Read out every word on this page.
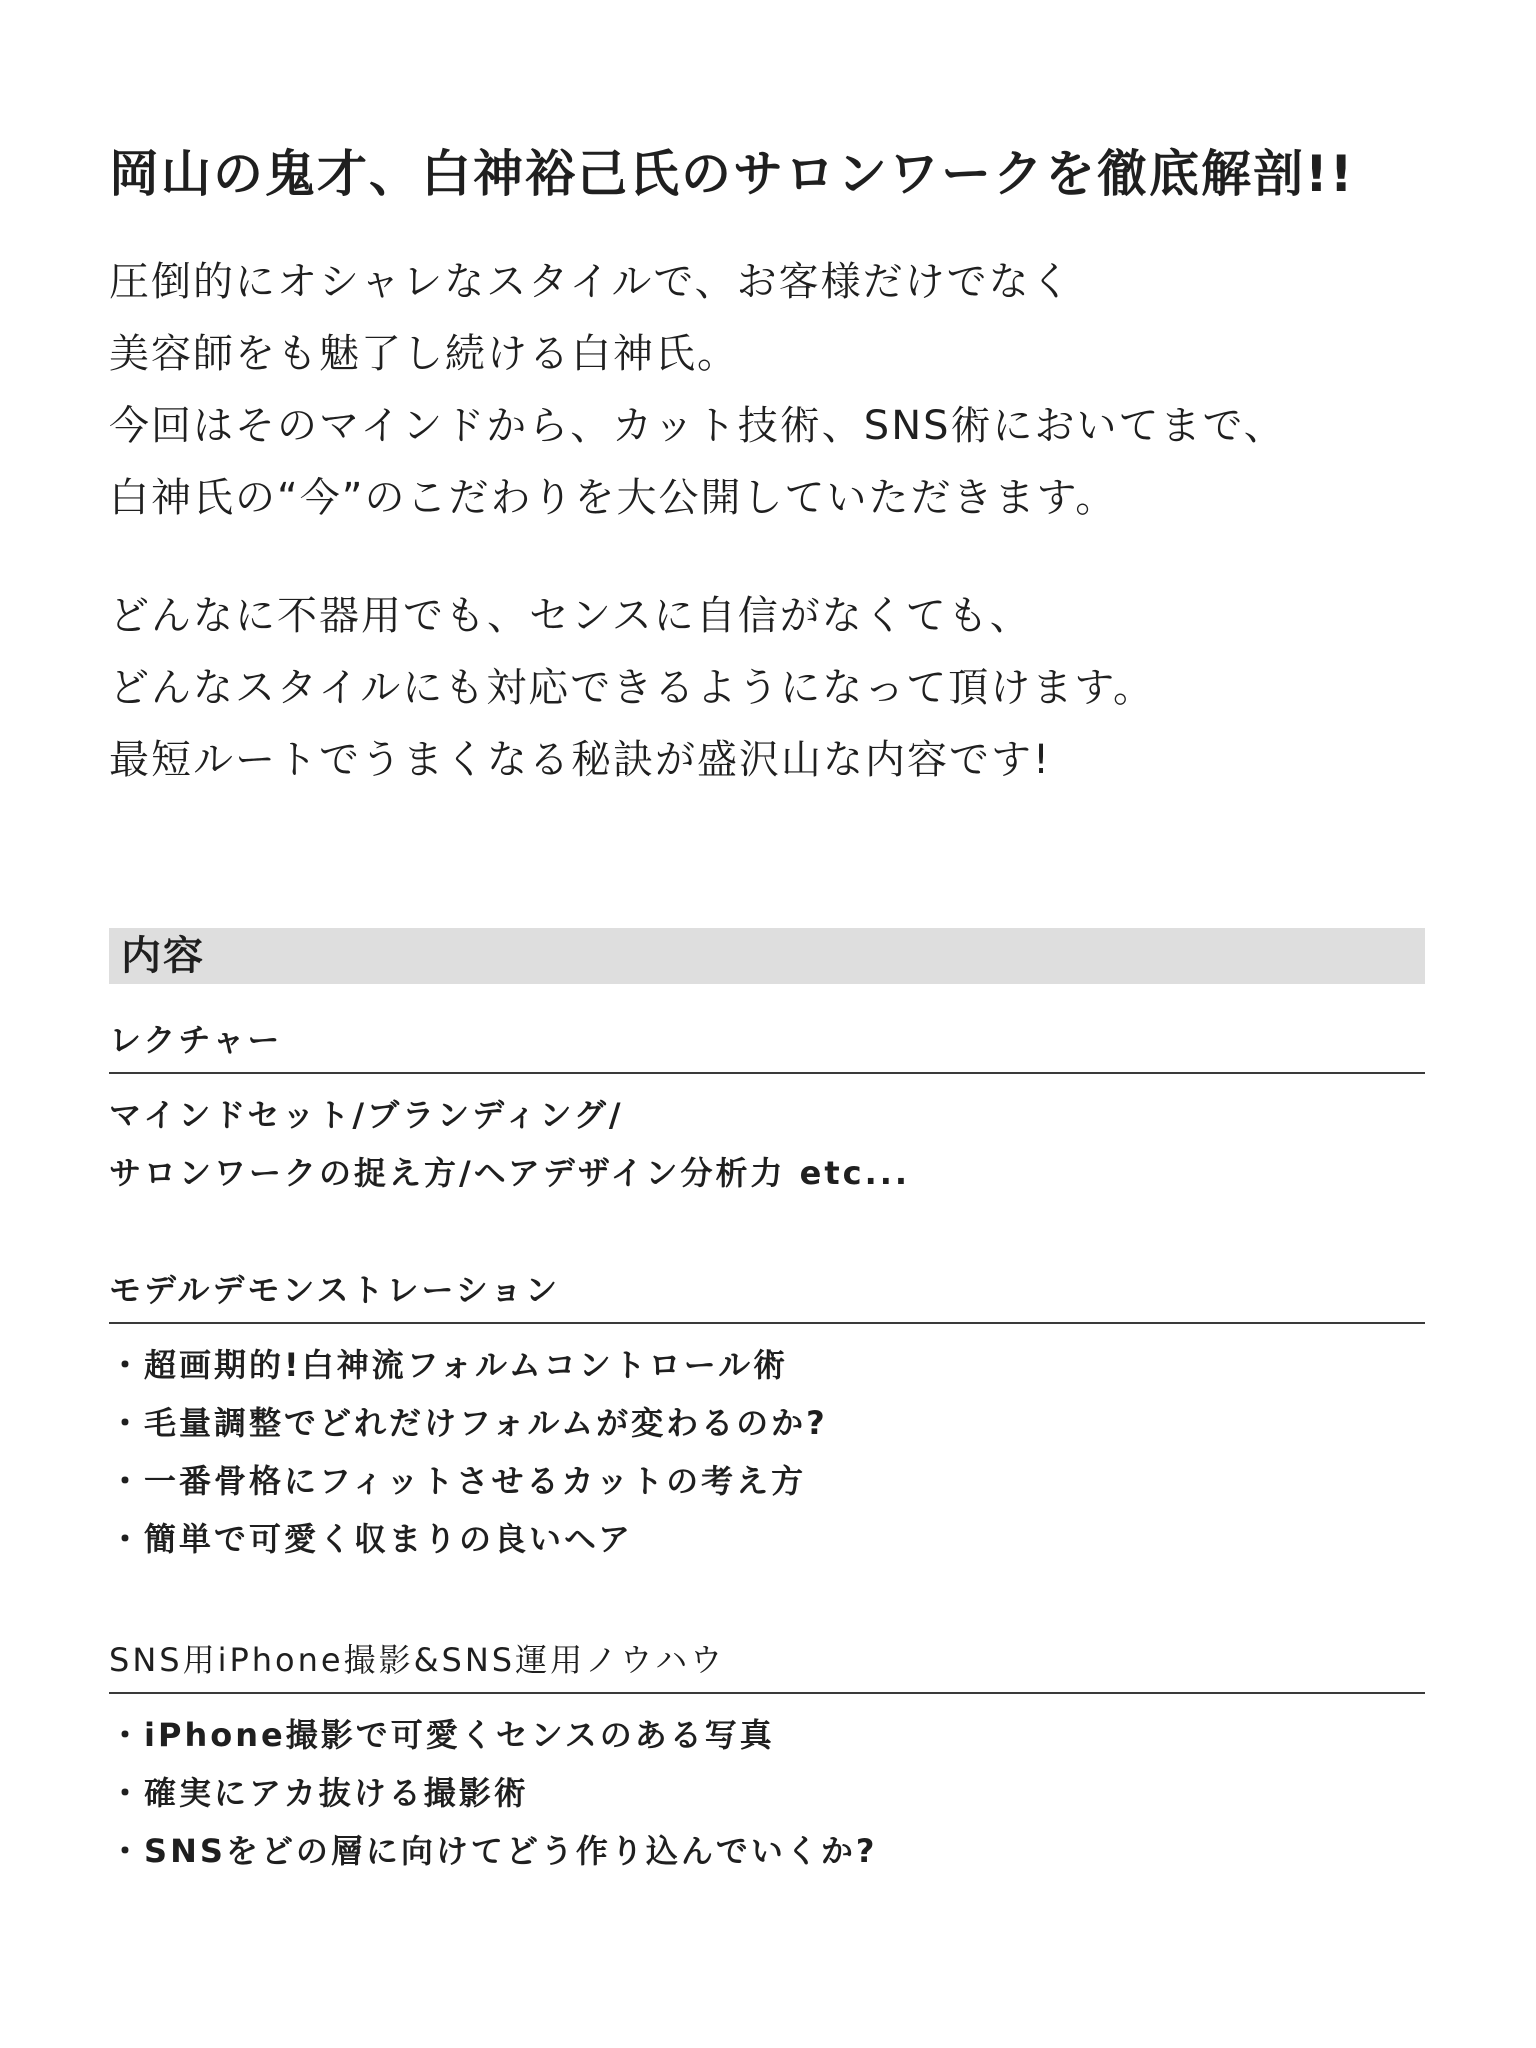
岡山の鬼才、白神裕己氏のサロンワークを徹底解剖!!

圧倒的にオシャレなスタイルで、お客様だけでなく
美容師をも魅了し続ける白神氏。
今回はそのマインドから、カット技術、SNS術においてまで、
白神氏の“今”のこだわりを大公開していただきます。

どんなに不器用でも、センスに自信がなくても、
どんなスタイルにも対応できるようになって頂けます。
最短ルートでうまくなる秘訣が盛沢山な内容です!

内容
レクチャー
マインドセット/ブランディング/
サロンワークの捉え方/ヘアデザイン分析力 etc...
モデルデモンストレーション
・ 超画期的!白神流フォルムコントロール術
・ 毛量調整でどれだけフォルムが変わるのか?
・ 一番骨格にフィットさせるカットの考え方
・ 簡単で可愛く収まりの良いヘア
SNS用iPhone撮影&SNS運用ノウハウ
・ iPhone撮影で可愛くセンスのある写真
・ 確実にアカ抜ける撮影術
・ SNSをどの層に向けてどう作り込んでいくか?
